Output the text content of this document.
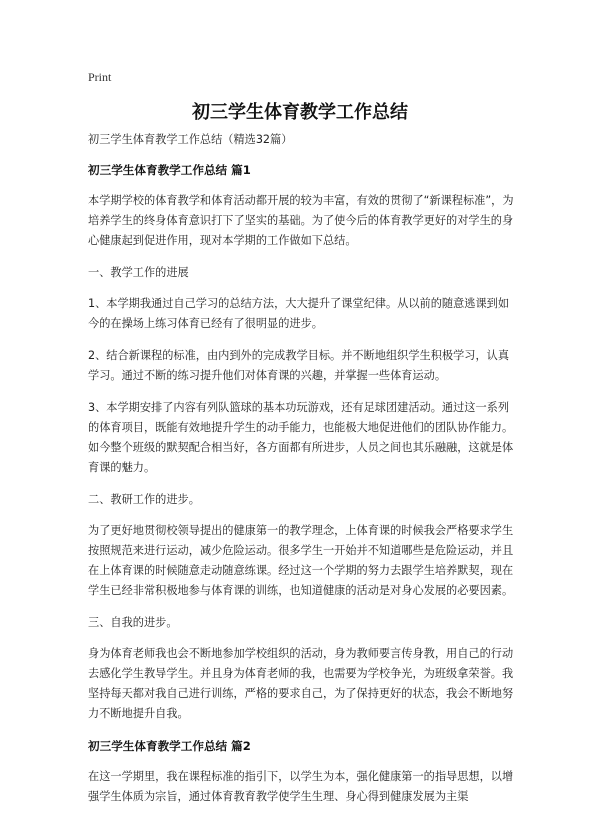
Print
初三学生体育教学工作总结

初三学生体育教学工作总结（精选32篇）

初三学生体育教学工作总结 篇1

本学期学校的体育教学和体育活动都开展的较为丰富，有效的贯彻了“新课程标准”，为培养学生的终身体育意识打下了坚实的基础。为了使今后的体育教学更好的对学生的身心健康起到促进作用，现对本学期的工作做如下总结。

一、教学工作的进展

1、本学期我通过自己学习的总结方法，大大提升了课堂纪律。从以前的随意逃课到如今的在操场上练习体育已经有了很明显的进步。

2、结合新课程的标准，由内到外的完成教学目标。并不断地组织学生积极学习，认真学习。通过不断的练习提升他们对体育课的兴趣，并掌握一些体育运动。

3、本学期安排了内容有列队篮球的基本功玩游戏，还有足球团建活动。通过这一系列的体育项目，既能有效地提升学生的动手能力，也能极大地促进他们的团队协作能力。如今整个班级的默契配合相当好，各方面都有所进步，人员之间也其乐融融，这就是体育课的魅力。

二、教研工作的进步。

为了更好地贯彻校领导提出的健康第一的教学理念，上体育课的时候我会严格要求学生按照规范来进行运动，减少危险运动。很多学生一开始并不知道哪些是危险运动，并且在上体育课的时候随意走动随意练课。经过这一个学期的努力去跟学生培养默契，现在学生已经非常积极地参与体育课的训练，也知道健康的活动是对身心发展的必要因素。

三、自我的进步。

身为体育老师我也会不断地参加学校组织的活动，身为教师要言传身教，用自己的行动去感化学生教导学生。并且身为体育老师的我，也需要为学校争光，为班级拿荣誉。我坚持每天都对我自己进行训练，严格的要求自己，为了保持更好的状态，我会不断地努力不断地提升自我。

初三学生体育教学工作总结 篇2

在这一学期里，我在课程标准的指引下，以学生为本，强化健康第一的指导思想，以增强学生体质为宗旨，通过体育教育教学使学生生理、身心得到健康发展为主渠
